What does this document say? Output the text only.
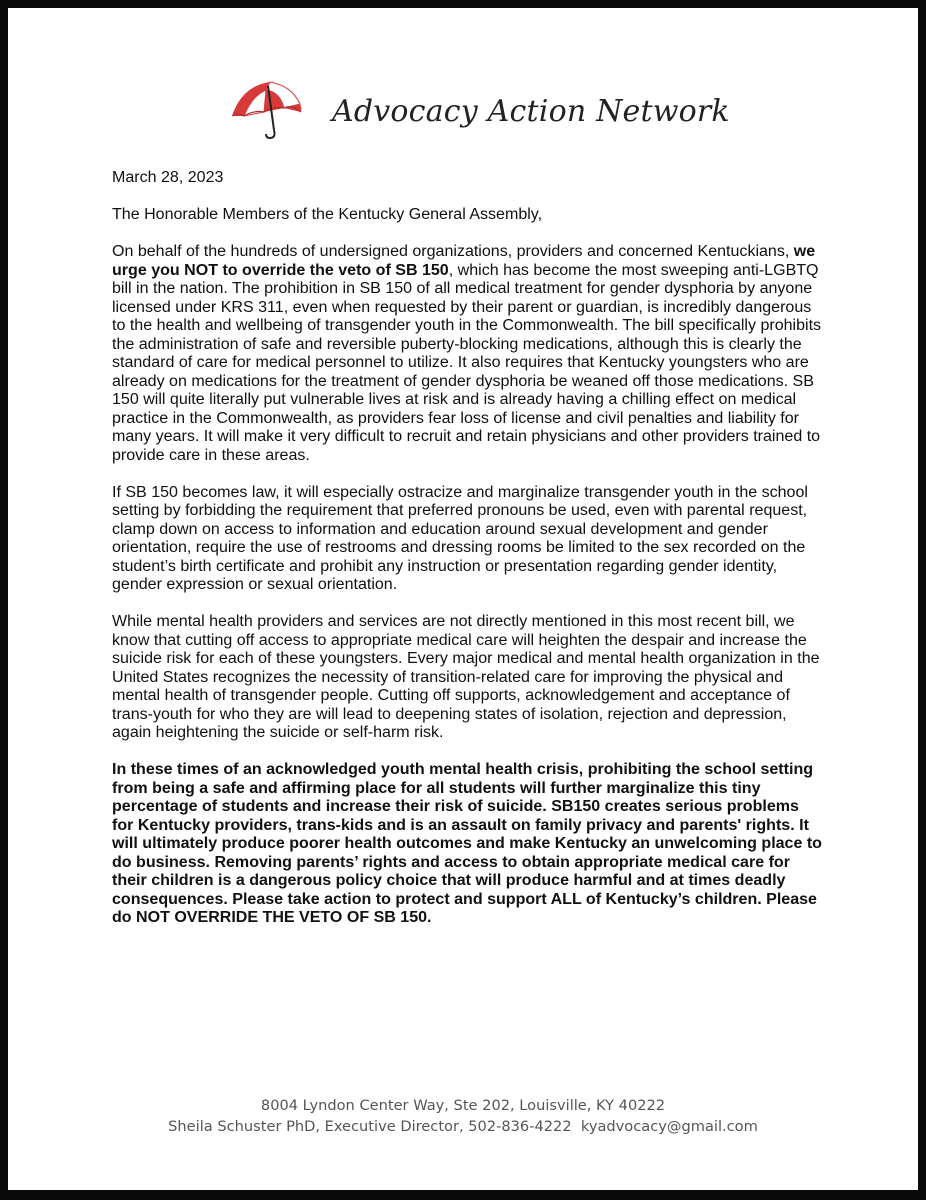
Advocacy Action Network

March 28, 2023

The Honorable Members of the Kentucky General Assembly,

On behalf of the hundreds of undersigned organizations, providers and concerned Kentuckians, we urge you NOT to override the veto of SB 150, which has become the most sweeping anti-LGBTQ bill in the nation. The prohibition in SB 150 of all medical treatment for gender dysphoria by anyone licensed under KRS 311, even when requested by their parent or guardian, is incredibly dangerous to the health and wellbeing of transgender youth in the Commonwealth. The bill specifically prohibits the administration of safe and reversible puberty-blocking medications, although this is clearly the standard of care for medical personnel to utilize. It also requires that Kentucky youngsters who are already on medications for the treatment of gender dysphoria be weaned off those medications. SB 150 will quite literally put vulnerable lives at risk and is already having a chilling effect on medical practice in the Commonwealth, as providers fear loss of license and civil penalties and liability for many years. It will make it very difficult to recruit and retain physicians and other providers trained to provide care in these areas.

If SB 150 becomes law, it will especially ostracize and marginalize transgender youth in the school setting by forbidding the requirement that preferred pronouns be used, even with parental request, clamp down on access to information and education around sexual development and gender orientation, require the use of restrooms and dressing rooms be limited to the sex recorded on the student’s birth certificate and prohibit any instruction or presentation regarding gender identity, gender expression or sexual orientation.

While mental health providers and services are not directly mentioned in this most recent bill, we know that cutting off access to appropriate medical care will heighten the despair and increase the suicide risk for each of these youngsters. Every major medical and mental health organization in the United States recognizes the necessity of transition-related care for improving the physical and mental health of transgender people. Cutting off supports, acknowledgement and acceptance of trans-youth for who they are will lead to deepening states of isolation, rejection and depression, again heightening the suicide or self-harm risk.

In these times of an acknowledged youth mental health crisis, prohibiting the school setting from being a safe and affirming place for all students will further marginalize this tiny percentage of students and increase their risk of suicide. SB150 creates serious problems for Kentucky providers, trans-kids and is an assault on family privacy and parents' rights. It will ultimately produce poorer health outcomes and make Kentucky an unwelcoming place to do business. Removing parents’ rights and access to obtain appropriate medical care for their children is a dangerous policy choice that will produce harmful and at times deadly consequences. Please take action to protect and support ALL of Kentucky’s children. Please do NOT OVERRIDE THE VETO OF SB 150.

8004 Lyndon Center Way, Ste 202, Louisville, KY 40222
Sheila Schuster PhD, Executive Director, 502-836-4222  kyadvocacy@gmail.com
